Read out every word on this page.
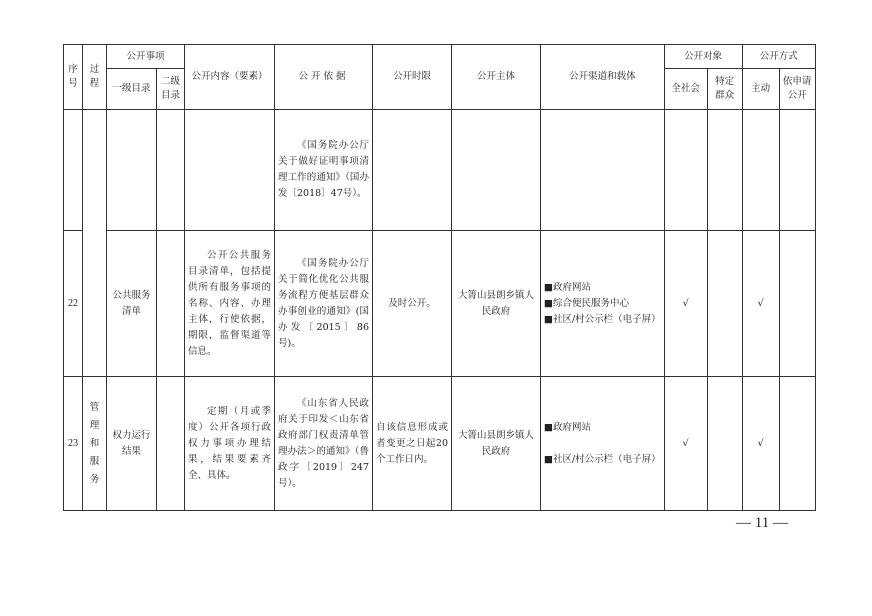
序号	过程	公开事项		公开内容（要素）	公开依据	公开时限	公开主体	公开渠道和载体	公开对象		公开方式	
		一级目录	二级目录						全社会	特定群众	主动	依申请公开
					《国务院办公厅关于做好证明事项清理工作的通知》（国办发〔2018〕47号）。							
22		公共服务清单		公开公共服务目录清单，包括提供所有服务事项的名称、内容、办理主体，行使依据，期限，监督渠道等信息。	《国务院办公厅关于简化优化公共服务流程方便基层群众办事创业的通知》(国办发〔2015〕86号)。	及时公开。	大箐山县朗乡镇人民政府	■政府网站
■综合便民服务中心
■社区/村公示栏（电子屏）	√		√	
23	管理和服务	权力运行结果		定期（月或季度）公开各项行政权力事项办理结果，结果要素齐全、具体。	《山东省人民政府关于印发＜山东省政府部门权责清单管理办法＞的通知》（鲁政字〔2019〕247号）。	自该信息形成或者变更之日起20个工作日内。	大箐山县朗乡镇人民政府	■政府网站
■社区/村公示栏（电子屏）	√		√	
— 11 —
